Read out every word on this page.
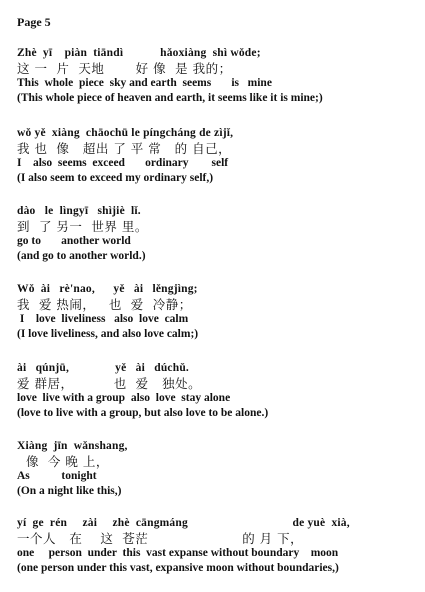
Page 5
Zhè  yī    piàn  tiāndì            hǎoxiàng  shì wǒde;
这 一  片  天地       好 像  是 我的；
This  whole  piece  sky and earth  seems       is   mine
(This whole piece of heaven and earth, it seems like it is mine;)
wǒ yě  xiàng  chāochū le píngcháng de zìjǐ,
我 也  像   超出 了 平 常   的 自己，
I    also  seems  exceed       ordinary        self
(I also seem to exceed my ordinary self,)
dào   le  lìngyī   shìjiè  lǐ.
到  了 另一  世界 里。
go to       another world
(and go to another world.)
Wǒ  ài   rè'nao,      yě   ài   lěngjìng;
我  爱 热闹，   也  爱  冷静；
I    love  liveliness   also  love  calm
(I love liveliness, and also love calm;)
ài   qúnjū,               yě   ài   dúchǔ.
爱 群居，         也  爱   独处。
love  live with a group  also  love  stay alone
(love to live with a group, but also love to be alone.)
Xiàng  jīn  wǎnshang,
像  今 晚 上，
As           tonight
(On a night like this,)
yí  ge  rén     zài     zhè  cāngmáng                                  de yuè  xià,
一个人   在    这  苍茫                     的 月 下，
one     person  under  this  vast expanse without boundary    moon
(one person under this vast, expansive moon without boundaries,)
